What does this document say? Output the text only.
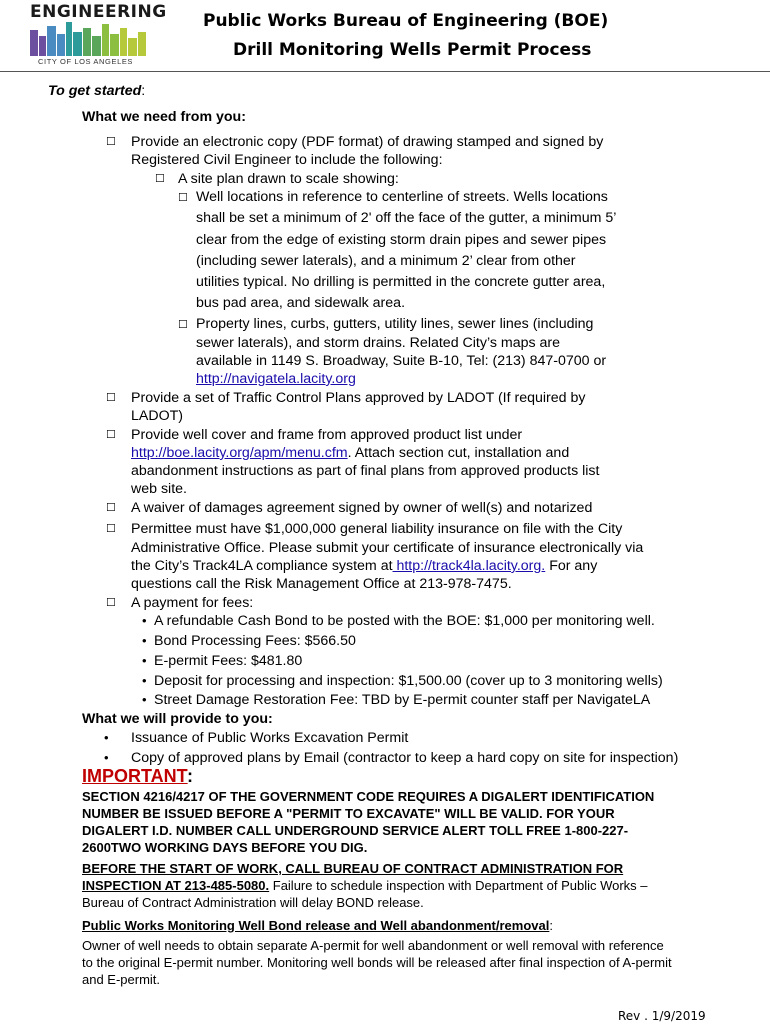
ENGINEERING
CITY OF LOS ANGELES
Public Works Bureau of Engineering (BOE)
Drill Monitoring Wells Permit Process
To get started:
What we need from you:
☐ Provide an electronic copy (PDF format) of drawing stamped and signed by
Registered Civil Engineer to include the following:
☐ A site plan drawn to scale showing:
☐ Well locations in reference to centerline of streets. Wells locations
shall be set a minimum of 2' off the face of the gutter, a minimum 5’
clear from the edge of existing storm drain pipes and sewer pipes
(including sewer laterals), and a minimum 2’ clear from other
utilities typical. No drilling is permitted in the concrete gutter area,
bus pad area, and sidewalk area.
☐ Property lines, curbs, gutters, utility lines, sewer lines (including
sewer laterals), and storm drains. Related City’s maps are
available in 1149 S. Broadway, Suite B-10, Tel: (213) 847-0700 or
http://navigatela.lacity.org
☐ Provide a set of Traffic Control Plans approved by LADOT (If required by
LADOT)
☐ Provide well cover and frame from approved product list under
http://boe.lacity.org/apm/menu.cfm. Attach section cut, installation and
abandonment instructions as part of final plans from approved products list
web site.
☐ A waiver of damages agreement signed by owner of well(s) and notarized
☐ Permittee must have $1,000,000 general liability insurance on file with the City
Administrative Office. Please submit your certificate of insurance electronically via
the City’s Track4LA compliance system at http://track4la.lacity.org. For any
questions call the Risk Management Office at 213-978-7475.
☐ A payment for fees:
• A refundable Cash Bond to be posted with the BOE: $1,000 per monitoring well.
• Bond Processing Fees: $566.50
• E-permit Fees: $481.80
• Deposit for processing and inspection: $1,500.00 (cover up to 3 monitoring wells)
• Street Damage Restoration Fee: TBD by E-permit counter staff per NavigateLA
What we will provide to you:
• Issuance of Public Works Excavation Permit
• Copy of approved plans by Email (contractor to keep a hard copy on site for inspection)
IMPORTANT :
SECTION 4216/4217 OF THE GOVERNMENT CODE REQUIRES A DIGALERT IDENTIFICATION
NUMBER BE ISSUED BEFORE A "PERMIT TO EXCAVATE" WILL BE VALID. FOR YOUR
DIGALERT I.D. NUMBER CALL UNDERGROUND SERVICE ALERT TOLL FREE 1-800-227-
2600TWO WORKING DAYS BEFORE YOU DIG.
BEFORE THE START OF WORK, CALL BUREAU OF CONTRACT ADMINISTRATION FOR
INSPECTION AT 213-485-5080. Failure to schedule inspection with Department of Public Works –
Bureau of Contract Administration will delay BOND release.
Public Works Monitoring Well Bond release and Well abandonment/removal:
Owner of well needs to obtain separate A-permit for well abandonment or well removal with reference
to the original E-permit number. Monitoring well bonds will be released after final inspection of A-permit
and E-permit.
Rev . 1/9/2019
